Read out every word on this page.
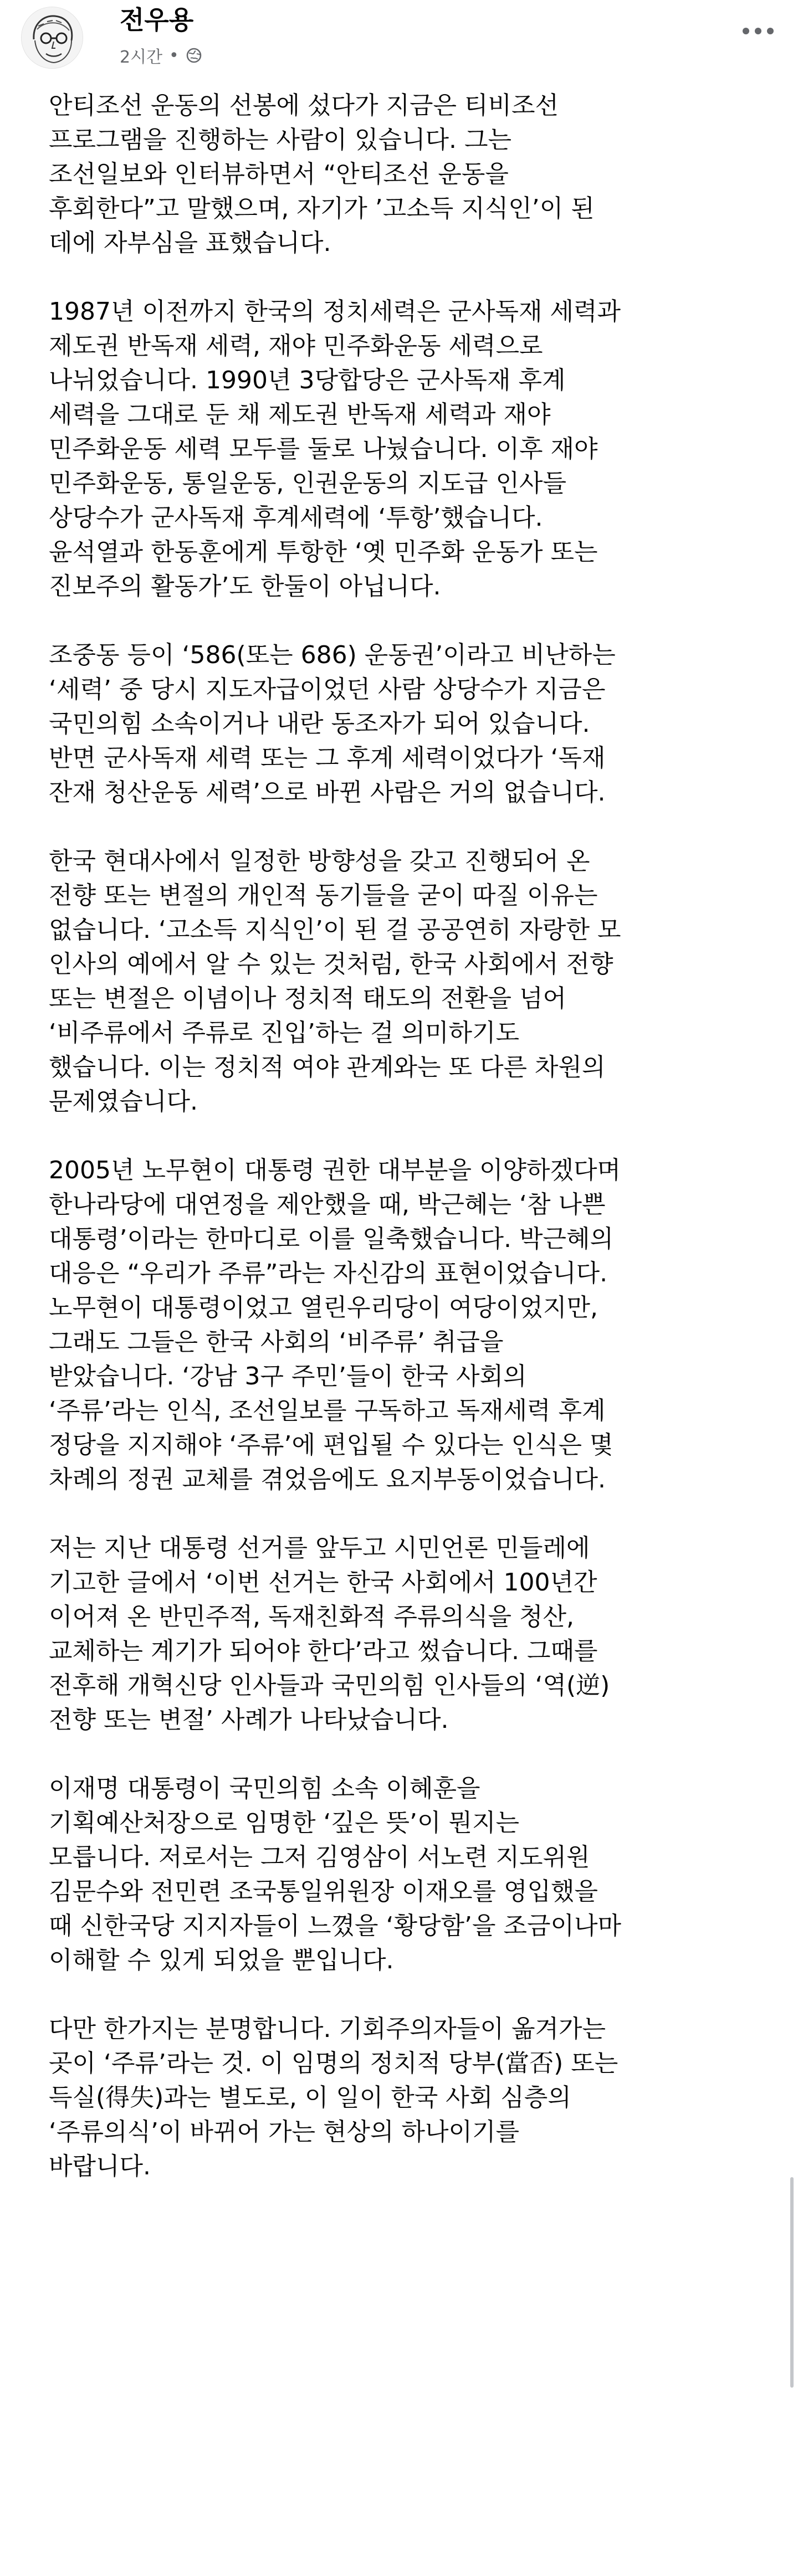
전우용
2시간 •

안티조선 운동의 선봉에 섰다가 지금은 티비조선
프로그램을 진행하는 사람이 있습니다. 그는
조선일보와 인터뷰하면서 “안티조선 운동을
후회한다”고 말했으며, 자기가 ’고소득 지식인’이 된
데에 자부심을 표했습니다.

1987년 이전까지 한국의 정치세력은 군사독재 세력과
제도권 반독재 세력, 재야 민주화운동 세력으로
나뉘었습니다. 1990년 3당합당은 군사독재 후계
세력을 그대로 둔 채 제도권 반독재 세력과 재야
민주화운동 세력 모두를 둘로 나눴습니다. 이후 재야
민주화운동, 통일운동, 인권운동의 지도급 인사들
상당수가 군사독재 후계세력에 ‘투항’했습니다.
윤석열과 한동훈에게 투항한 ‘옛 민주화 운동가 또는
진보주의 활동가’도 한둘이 아닙니다.

조중동 등이 ‘586(또는 686) 운동권’이라고 비난하는
‘세력’ 중 당시 지도자급이었던 사람 상당수가 지금은
국민의힘 소속이거나 내란 동조자가 되어 있습니다.
반면 군사독재 세력 또는 그 후계 세력이었다가 ‘독재
잔재 청산운동 세력’으로 바뀐 사람은 거의 없습니다.

한국 현대사에서 일정한 방향성을 갖고 진행되어 온
전향 또는 변절의 개인적 동기들을 굳이 따질 이유는
없습니다. ‘고소득 지식인’이 된 걸 공공연히 자랑한 모
인사의 예에서 알 수 있는 것처럼, 한국 사회에서 전향
또는 변절은 이념이나 정치적 태도의 전환을 넘어
‘비주류에서 주류로 진입’하는 걸 의미하기도
했습니다. 이는 정치적 여야 관계와는 또 다른 차원의
문제였습니다.

2005년 노무현이 대통령 권한 대부분을 이양하겠다며
한나라당에 대연정을 제안했을 때, 박근혜는 ‘참 나쁜
대통령’이라는 한마디로 이를 일축했습니다. 박근혜의
대응은 “우리가 주류”라는 자신감의 표현이었습니다.
노무현이 대통령이었고 열린우리당이 여당이었지만,
그래도 그들은 한국 사회의 ‘비주류’ 취급을
받았습니다. ‘강남 3구 주민’들이 한국 사회의
‘주류’라는 인식, 조선일보를 구독하고 독재세력 후계
정당을 지지해야 ‘주류’에 편입될 수 있다는 인식은 몇
차례의 정권 교체를 겪었음에도 요지부동이었습니다.

저는 지난 대통령 선거를 앞두고 시민언론 민들레에
기고한 글에서 ‘이번 선거는 한국 사회에서 100년간
이어져 온 반민주적, 독재친화적 주류의식을 청산,
교체하는 계기가 되어야 한다’라고 썼습니다. 그때를
전후해 개혁신당 인사들과 국민의힘 인사들의 ‘역(逆)
전향 또는 변절’ 사례가 나타났습니다.

이재명 대통령이 국민의힘 소속 이혜훈을
기획예산처장으로 임명한 ‘깊은 뜻’이 뭔지는
모릅니다. 저로서는 그저 김영삼이 서노련 지도위원
김문수와 전민련 조국통일위원장 이재오를 영입했을
때 신한국당 지지자들이 느꼈을 ‘황당함’을 조금이나마
이해할 수 있게 되었을 뿐입니다.

다만 한가지는 분명합니다. 기회주의자들이 옮겨가는
곳이 ‘주류’라는 것. 이 임명의 정치적 당부(當否) 또는
득실(得失)과는 별도로, 이 일이 한국 사회 심층의
‘주류의식’이 바뀌어 가는 현상의 하나이기를
바랍니다.
